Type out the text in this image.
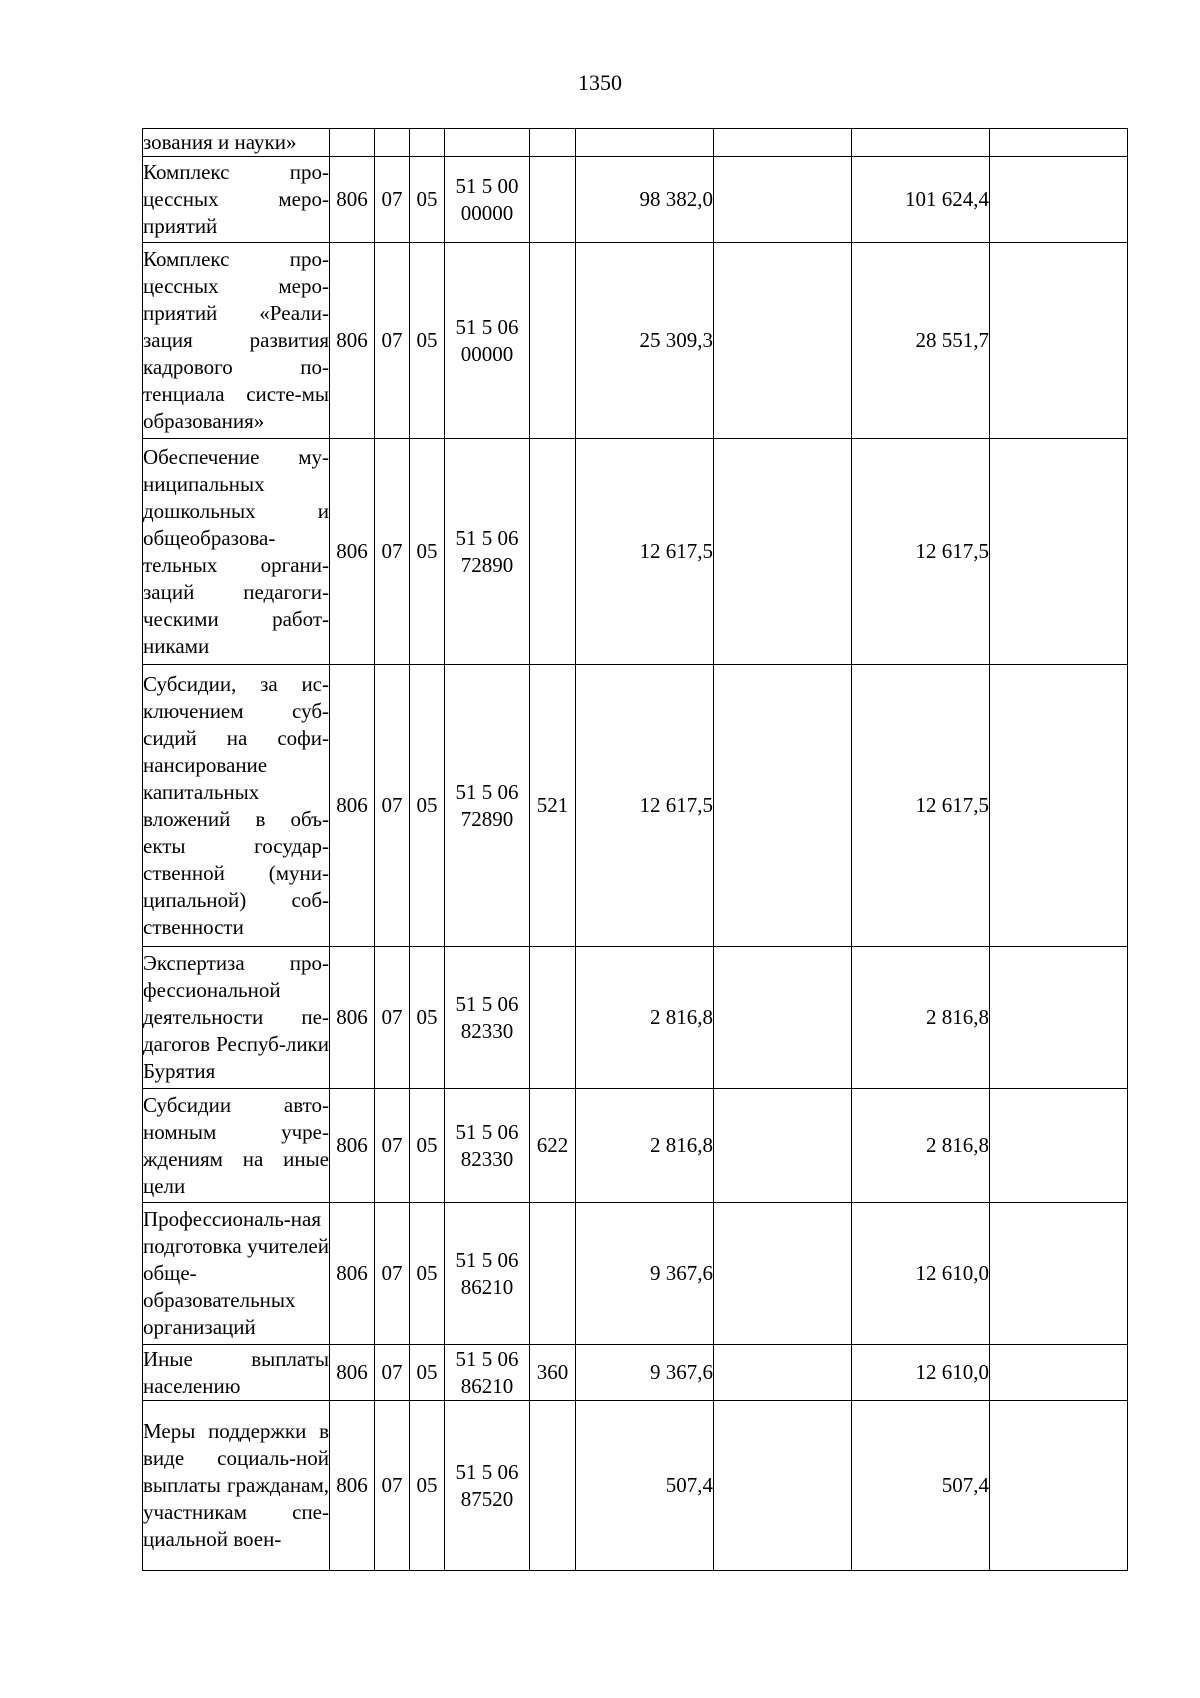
1350
зования и науки»									
Комплекс про-цессных меро-приятий	806	07	05	51 5 00 00000		98 382,0		101 624,4	
Комплекс про-цессных меро-приятий «Реали-зация развития кадрового по-тенциала систе-мы образования»	806	07	05	51 5 06 00000		25 309,3		28 551,7	
Обеспечение му-ниципальных дошкольных и общеобразова-тельных органи-заций педагоги-ческими работ-никами	806	07	05	51 5 06 72890		12 617,5		12 617,5	
Субсидии, за ис-ключением суб-сидий на софи-нансирование капитальных вложений в объ-екты государ-ственной (муни-ципальной) соб-ственности	806	07	05	51 5 06 72890	521	12 617,5		12 617,5	
Экспертиза про-фессиональной деятельности пе-дагогов Респуб-лики Бурятия	806	07	05	51 5 06 82330		2 816,8		2 816,8	
Субсидии авто-номным учре-ждениям на иные цели	806	07	05	51 5 06 82330	622	2 816,8		2 816,8	
Профессиональ-ная подготовка учителей обще-образовательных организаций	806	07	05	51 5 06 86210		9 367,6		12 610,0	
Иные выплаты населению	806	07	05	51 5 06 86210	360	9 367,6		12 610,0	
Меры поддержки в виде социаль-ной выплаты гражданам, участникам спе-циальной воен-	806	07	05	51 5 06 87520		507,4		507,4	
